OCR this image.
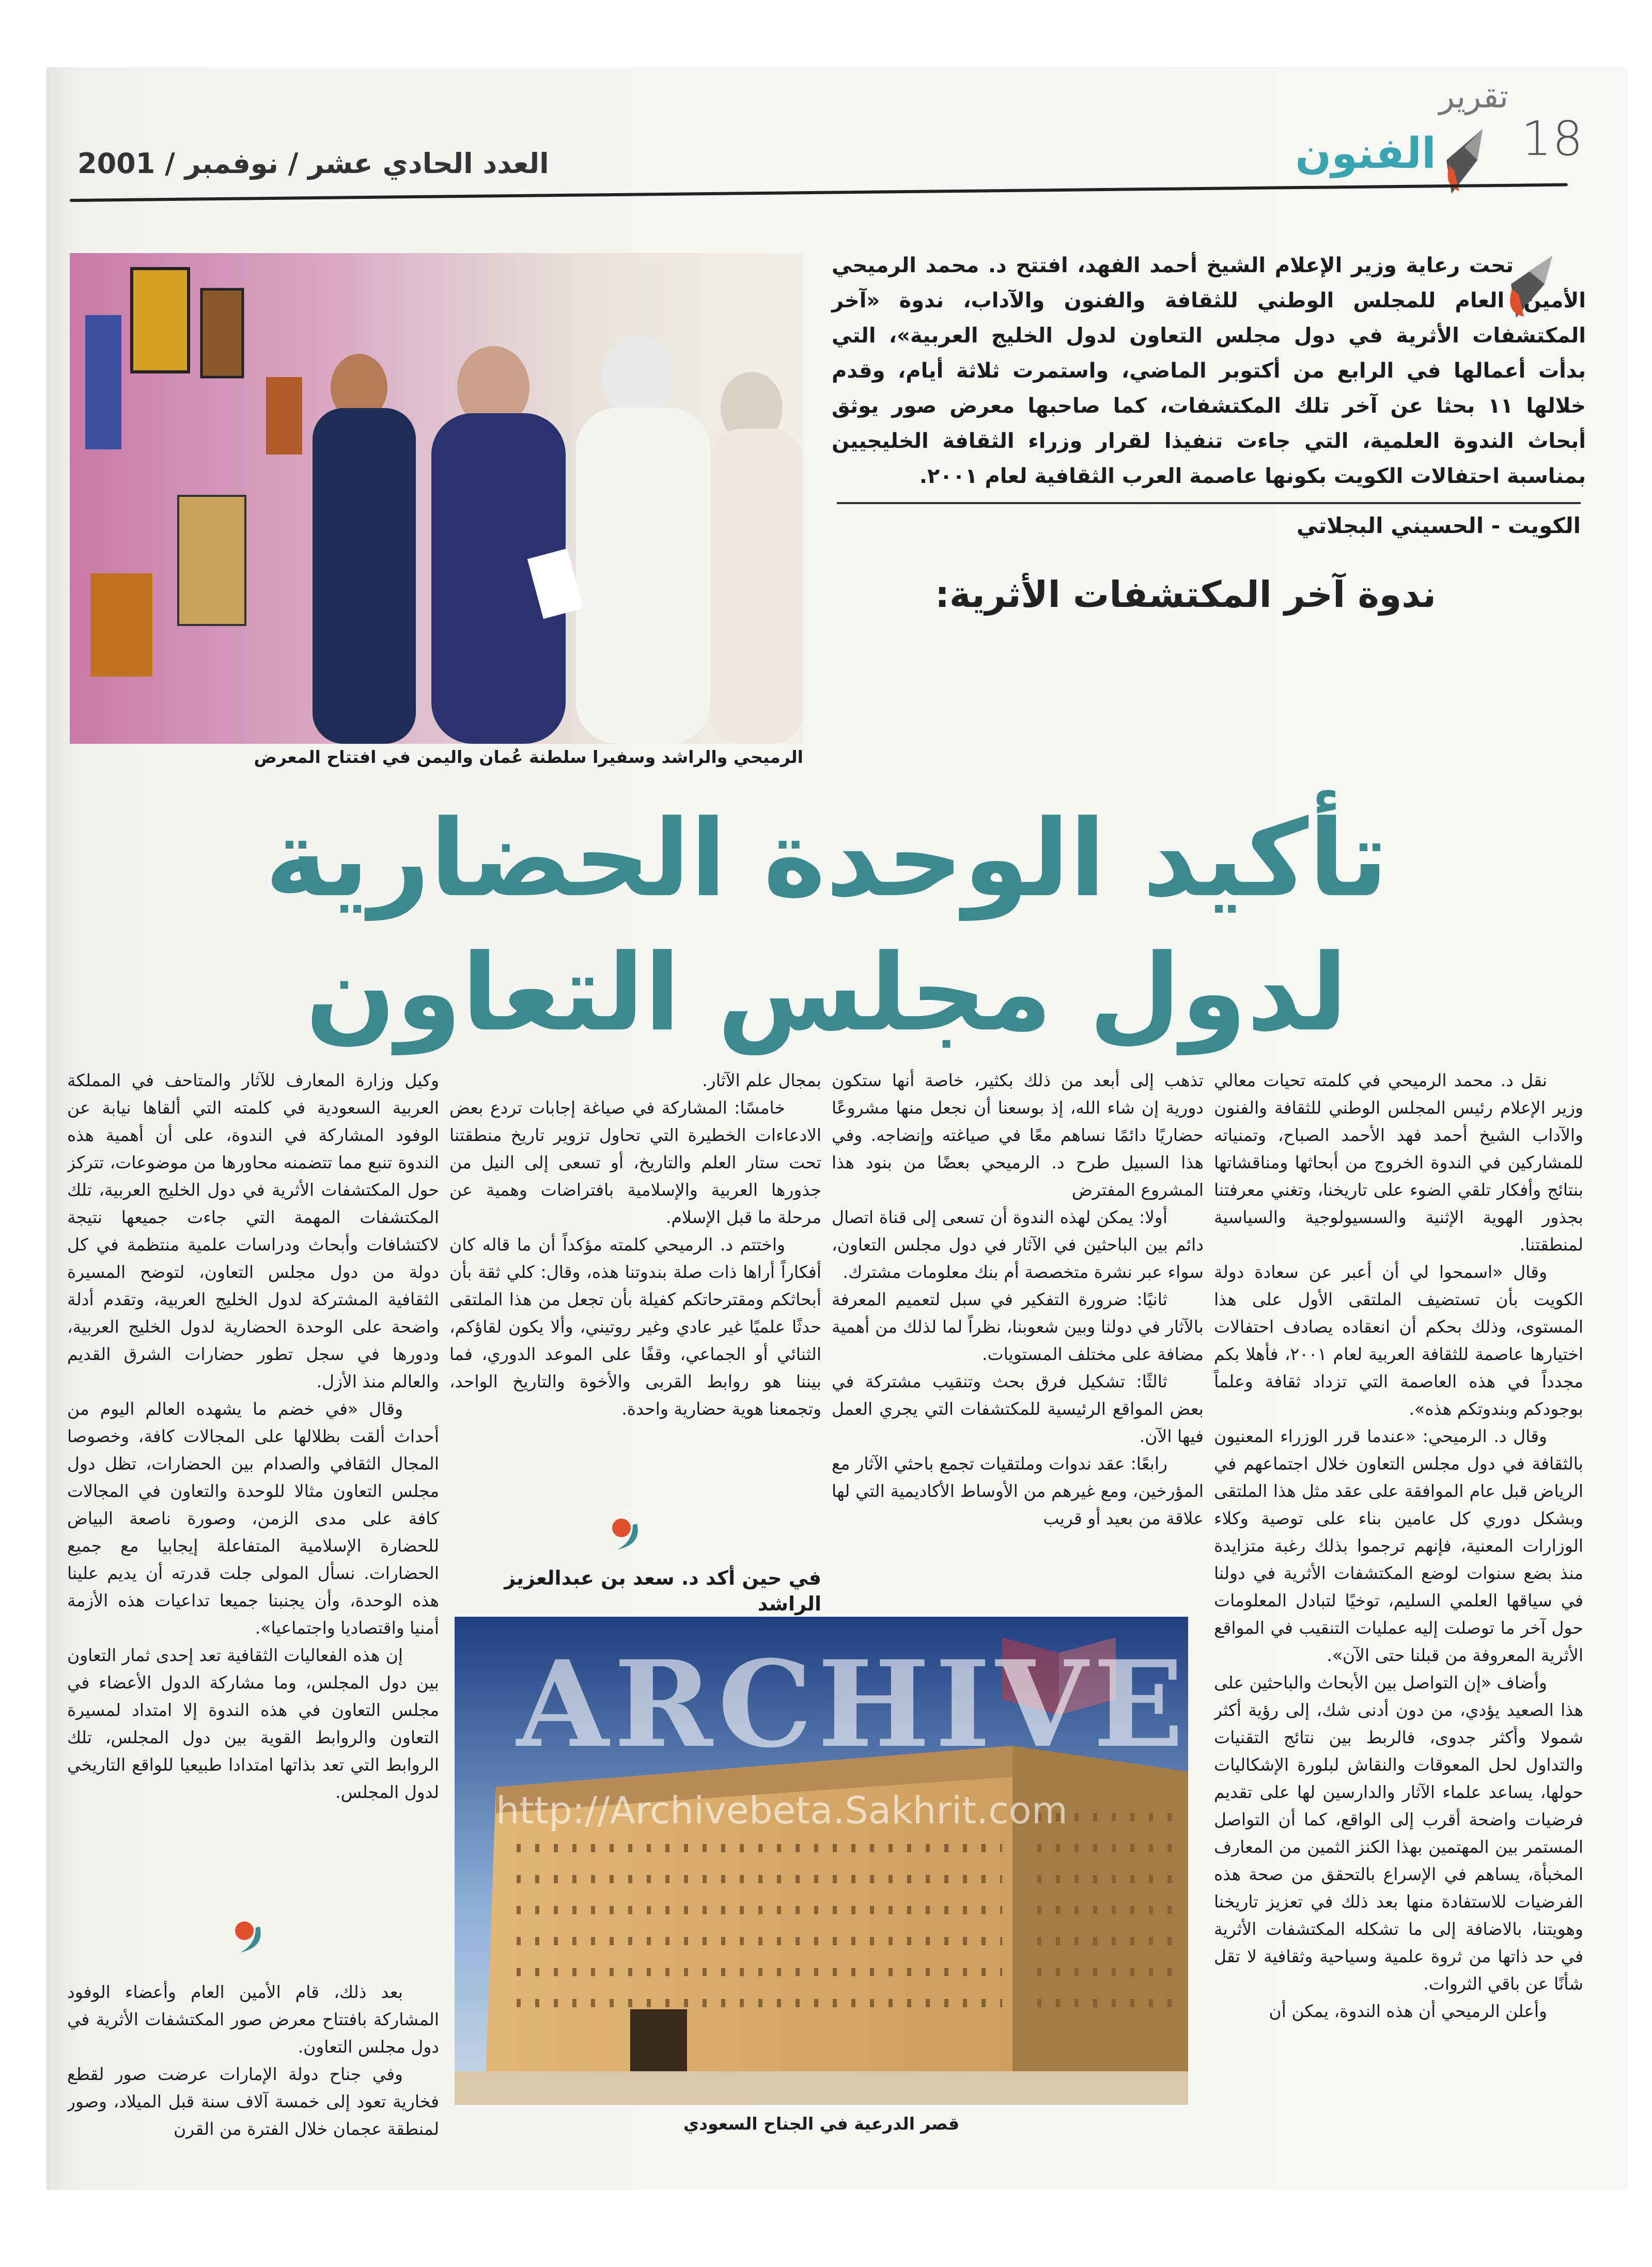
18
تقرير
الفنون
العدد الحادي عشر / نوفمبر / 2001
الرميحي والراشد وسفيرا سلطنة عُمان واليمن في افتتاح المعرض
تحت رعاية وزير الإعلام الشيخ أحمد الفهد، افتتح د. محمد الرميحي الأمين العام للمجلس الوطني للثقافة والفنون والآداب، ندوة «آخر المكتشفات الأثرية في دول مجلس التعاون لدول الخليج العربية»، التي بدأت أعمالها في الرابع من أكتوبر الماضي، واستمرت ثلاثة أيام، وقدم خلالها ١١ بحثا عن آخر تلك المكتشفات، كما صاحبها معرض صور يوثق أبحاث الندوة العلمية، التي جاءت تنفيذا لقرار وزراء الثقافة الخليجيين بمناسبة احتفالات الكويت بكونها عاصمة العرب الثقافية لعام ٢٠٠١.
الكويت - الحسيني البجلاتي
ندوة آخر المكتشفات الأثرية:
تأكيد الوحدة الحضارية
لدول مجلس التعاون

نقل د. محمد الرميحي في كلمته تحيات معالي وزير الإعلام رئيس المجلس الوطني للثقافة والفنون والآداب الشيخ أحمد فهد الأحمد الصباح، وتمنياته للمشاركين في الندوة الخروج من أبحاثها ومناقشاتها بنتائج وأفكار تلقي الضوء على تاريخنا، وتغني معرفتنا بجذور الهوية الإثنية والسسيولوجية والسياسية لمنطقتنا.

وقال «اسمحوا لي أن أعبر عن سعادة دولة الكويت بأن تستضيف الملتقى الأول على هذا المستوى، وذلك بحكم أن انعقاده يصادف احتفالات اختيارها عاصمة للثقافة العربية لعام ٢٠٠١، فأهلا بكم مجدداً في هذه العاصمة التي تزداد ثقافة وعلماً بوجودكم وبندوتكم هذه».

وقال د. الرميحي: «عندما قرر الوزراء المعنيون بالثقافة في دول مجلس التعاون خلال اجتماعهم في الرياض قبل عام الموافقة على عقد مثل هذا الملتقى وبشكل دوري كل عامين بناء على توصية وكلاء الوزارات المعنية، فإنهم ترجموا بذلك رغبة متزايدة منذ بضع سنوات لوضع المكتشفات الأثرية في دولنا في سياقها العلمي السليم، توخيًا لتبادل المعلومات حول آخر ما توصلت إليه عمليات التنقيب في المواقع الأثرية المعروفة من قبلنا حتى الآن».

وأضاف «إن التواصل بين الأبحاث والباحثين على هذا الصعيد يؤدي، من دون أدنى شك، إلى رؤية أكثر شمولا وأكثر جدوى، فالربط بين نتائج التقنيات والتداول لحل المعوقات والنقاش لبلورة الإشكاليات حولها، يساعد علماء الآثار والدارسين لها على تقديم فرضيات واضحة أقرب إلى الواقع، كما أن التواصل المستمر بين المهتمين بهذا الكنز الثمين من المعارف المخبأة، يساهم في الإسراع بالتحقق من صحة هذه الفرضيات للاستفادة منها بعد ذلك في تعزيز تاريخنا وهويتنا، بالاضافة إلى ما تشكله المكتشفات الأثرية في حد ذاتها من ثروة علمية وسياحية وثقافية لا تقل شأنًا عن باقي الثروات.

وأعلن الرميحي أن هذه الندوة، يمكن أن

تذهب إلى أبعد من ذلك بكثير، خاصة أنها ستكون دورية إن شاء الله، إذ بوسعنا أن نجعل منها مشروعًا حضاريًا دائمًا نساهم معًا في صياغته وإنضاجه. وفي هذا السبيل طرح د. الرميحي بعضًا من بنود هذا المشروع المفترض

أولا: يمكن لهذه الندوة أن تسعى إلى قناة اتصال دائم بين الباحثين في الآثار في دول مجلس التعاون، سواء عبر نشرة متخصصة أم بنك معلومات مشترك.

ثانيًا: ضرورة التفكير في سبل لتعميم المعرفة بالآثار في دولنا وبين شعوبنا، نظراً لما لذلك من أهمية مضافة على مختلف المستويات.

ثالثًا: تشكيل فرق بحث وتنقيب مشتركة في بعض المواقع الرئيسية للمكتشفات التي يجري العمل فيها الآن.

رابعًا: عقد ندوات وملتقيات تجمع باحثي الآثار مع المؤرخين، ومع غيرهم من الأوساط الأكاديمية التي لها علاقة من بعيد أو قريب

بمجال علم الآثار.

خامسًا: المشاركة في صياغة إجابات تردع بعض الادعاءات الخطيرة التي تحاول تزوير تاريخ منطقتنا تحت ستار العلم والتاريخ، أو تسعى إلى النيل من جذورها العربية والإسلامية بافتراضات وهمية عن مرحلة ما قبل الإسلام.

واختتم د. الرميحي كلمته مؤكداً أن ما قاله كان أفكاراً أراها ذات صلة بندوتنا هذه، وقال: كلي ثقة بأن أبحاثكم ومقترحاتكم كفيلة بأن تجعل من هذا الملتقى حدثًا علميًا غير عادي وغير روتيني، وألا يكون لقاؤكم، الثنائي أو الجماعي، وقفًا على الموعد الدوري، فما بيننا هو روابط القربى والأخوة والتاريخ الواحد، وتجمعنا هوية حضارية واحدة.

في حين أكد د. سعد بن عبدالعزيز الراشد

وكيل وزارة المعارف للآثار والمتاحف في المملكة العربية السعودية في كلمته التي ألقاها نيابة عن الوفود المشاركة في الندوة، على أن أهمية هذه الندوة تنبع مما تتضمنه محاورها من موضوعات، تتركز حول المكتشفات الأثرية في دول الخليج العربية، تلك المكتشفات المهمة التي جاءت جميعها نتيجة لاكتشافات وأبحاث ودراسات علمية منتظمة في كل دولة من دول مجلس التعاون، لتوضح المسيرة الثقافية المشتركة لدول الخليج العربية، وتقدم أدلة واضحة على الوحدة الحضارية لدول الخليج العربية، ودورها في سجل تطور حضارات الشرق القديم والعالم منذ الأزل.

وقال «في خضم ما يشهده العالم اليوم من أحداث ألقت بظلالها على المجالات كافة، وخصوصا المجال الثقافي والصدام بين الحضارات، تظل دول مجلس التعاون مثالا للوحدة والتعاون في المجالات كافة على مدى الزمن، وصورة ناصعة البياض للحضارة الإسلامية المتفاعلة إيجابيا مع جميع الحضارات. نسأل المولى جلت قدرته أن يديم علينا هذه الوحدة، وأن يجنبنا جميعا تداعيات هذه الأزمة أمنيا واقتصاديا واجتماعيا».

إن هذه الفعاليات الثقافية تعد إحدى ثمار التعاون بين دول المجلس، وما مشاركة الدول الأعضاء في مجلس التعاون في هذه الندوة إلا امتداد لمسيرة التعاون والروابط القوية بين دول المجلس، تلك الروابط التي تعد بذاتها امتدادا طبيعيا للواقع التاريخي لدول المجلس.

بعد ذلك، قام الأمين العام وأعضاء الوفود المشاركة بافتتاح معرض صور المكتشفات الأثرية في دول مجلس التعاون.

وفي جناح دولة الإمارات عرضت صور لقطع فخارية تعود إلى خمسة آلاف سنة قبل الميلاد، وصور لمنطقة عجمان خلال الفترة من القرن	قصر الدرعية في الجناح السعودي
ARCHIVE
http://Archivebeta.Sakhrit.com
